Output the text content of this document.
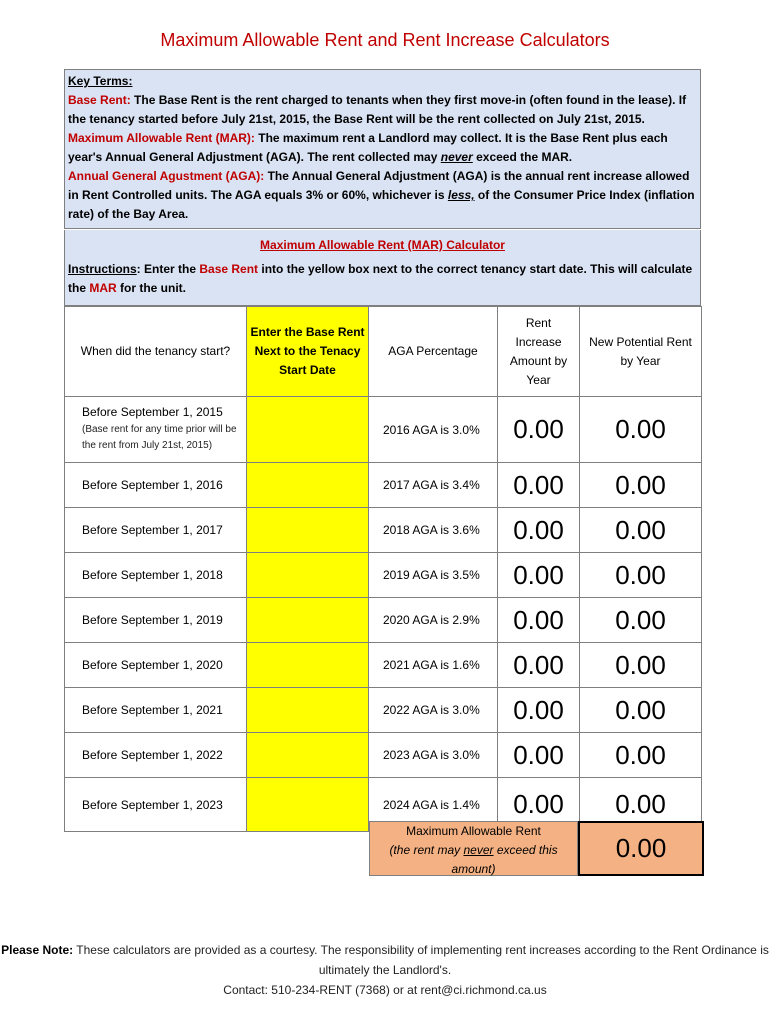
Maximum Allowable Rent and Rent Increase Calculators

Key Terms:

Base Rent: The Base Rent is the rent charged to tenants when they first move-in (often found in the lease). If the tenancy started before July 21st, 2015, the Base Rent will be the rent collected on July 21st, 2015.

Maximum Allowable Rent (MAR): The maximum rent a Landlord may collect. It is the Base Rent plus each year's Annual General Adjustment (AGA). The rent collected may never exceed the MAR.

Annual General Agustment (AGA): The Annual General Adjustment (AGA) is the annual rent increase allowed in Rent Controlled units. The AGA equals 3% or 60%, whichever is less, of the Consumer Price Index (inflation rate) of the Bay Area.

Maximum Allowable Rent (MAR) Calculator
Instructions: Enter the Base Rent into the yellow box next to the correct tenancy start date. This will calculate the MAR for the unit.
When did the tenancy start?	Enter the Base Rent Next to the Tenacy Start Date	AGA Percentage	Rent Increase Amount by Year	New Potential Rent by Year
Before September 1, 2015
(Base rent for any time prior will be the rent from July 21st, 2015)		2016 AGA is 3.0%	0.00	0.00
Before September 1, 2016		2017 AGA is 3.4%	0.00	0.00
Before September 1, 2017		2018 AGA is 3.6%	0.00	0.00
Before September 1, 2018		2019 AGA is 3.5%	0.00	0.00
Before September 1, 2019		2020 AGA is 2.9%	0.00	0.00
Before September 1, 2020		2021 AGA is 1.6%	0.00	0.00
Before September 1, 2021		2022 AGA is 3.0%	0.00	0.00
Before September 1, 2022		2023 AGA is 3.0%	0.00	0.00
Before September 1, 2023		2024 AGA is 1.4%	0.00	0.00
Maximum Allowable Rent
(the rent may never exceed this amount)
0.00
Please Note: These calculators are provided as a courtesy. The responsibility of implementing rent increases according to the Rent Ordinance is ultimately the Landlord's.
Contact: 510-234-RENT (7368) or at rent@ci.richmond.ca.us
